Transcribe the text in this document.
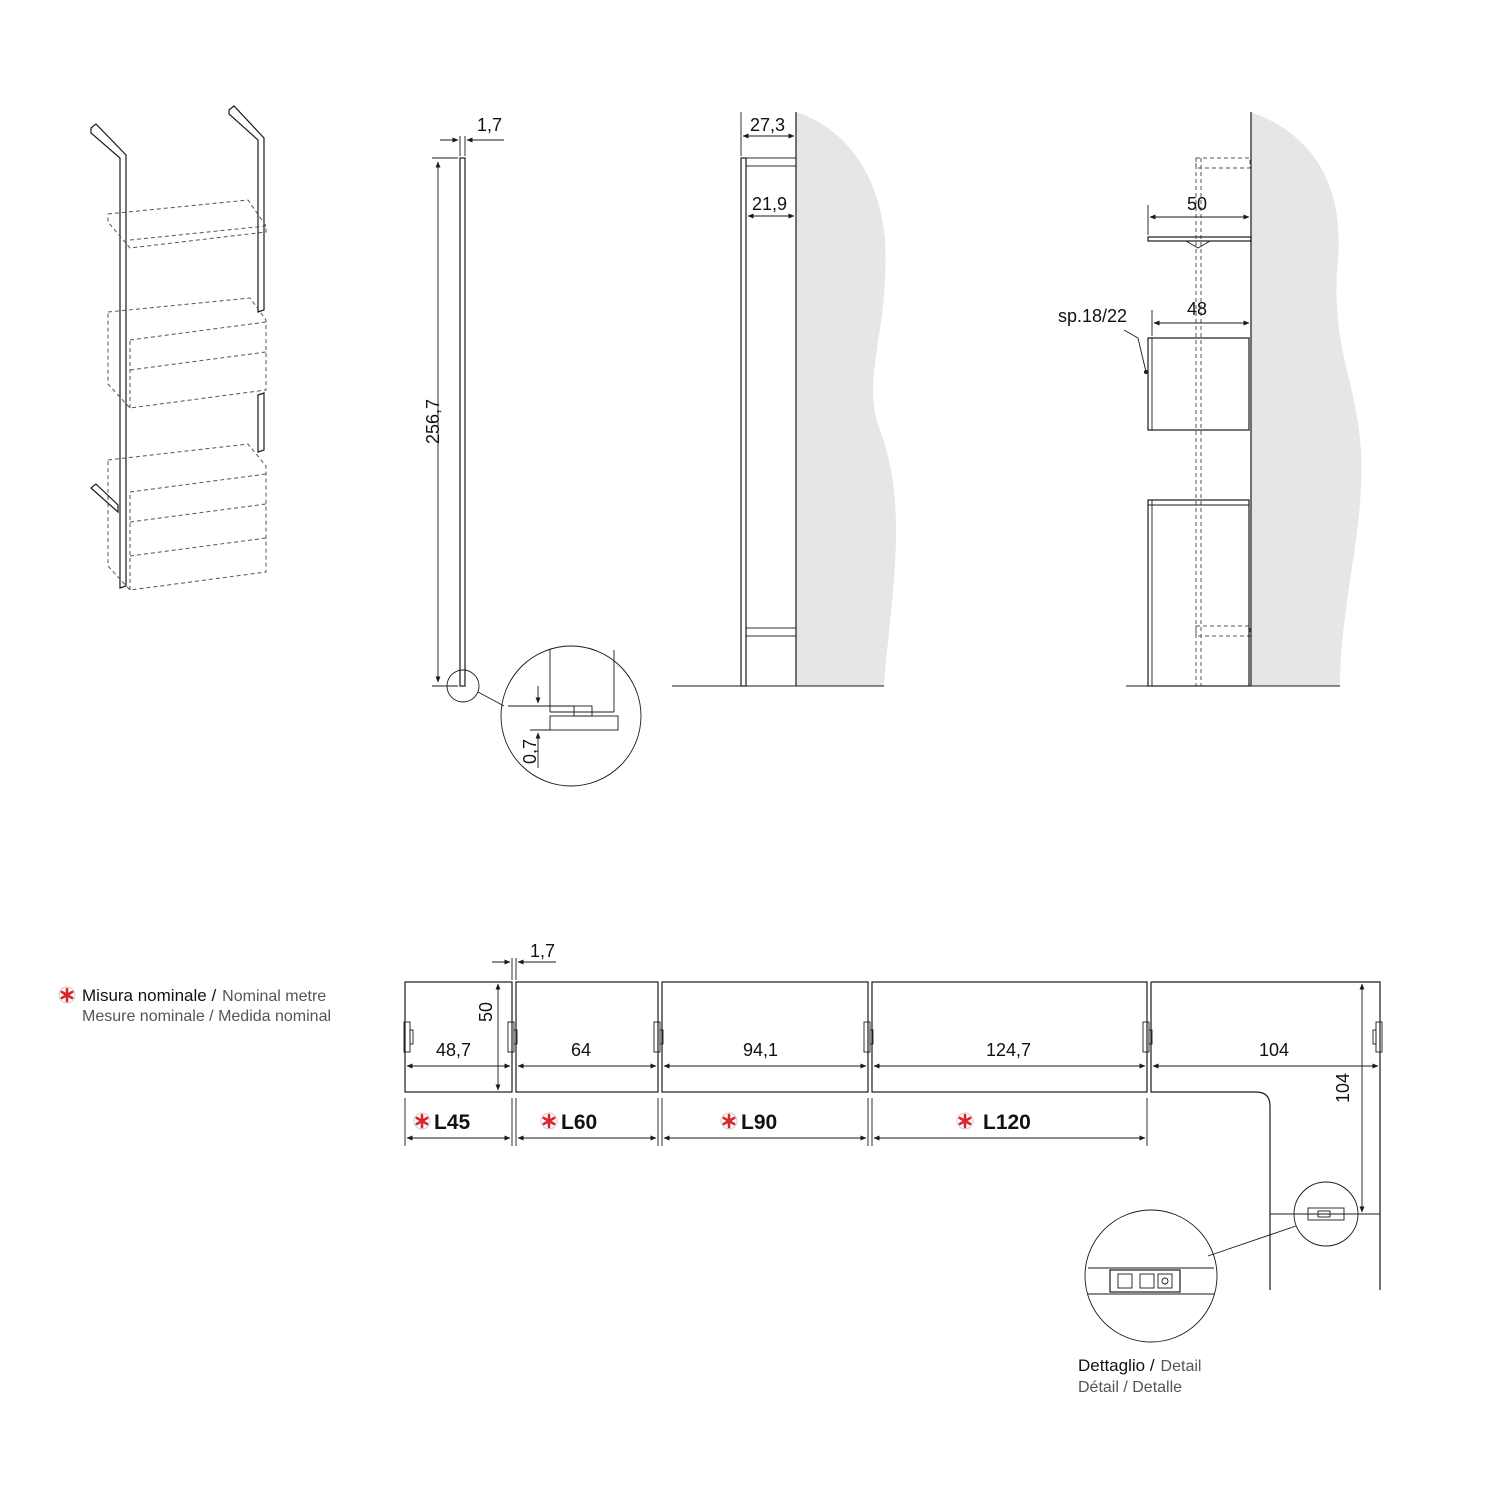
1,7
256,7
0,7
27,3
21,9	50
48
sp.18/22
1,7
50
48,7	64	94,1	124,7	104
104
L45	L60	L90	L120
Misura nominale / Nominal metre
Mesure nominale / Medida nominal
Dettaglio / Detail
Détail / Detalle
